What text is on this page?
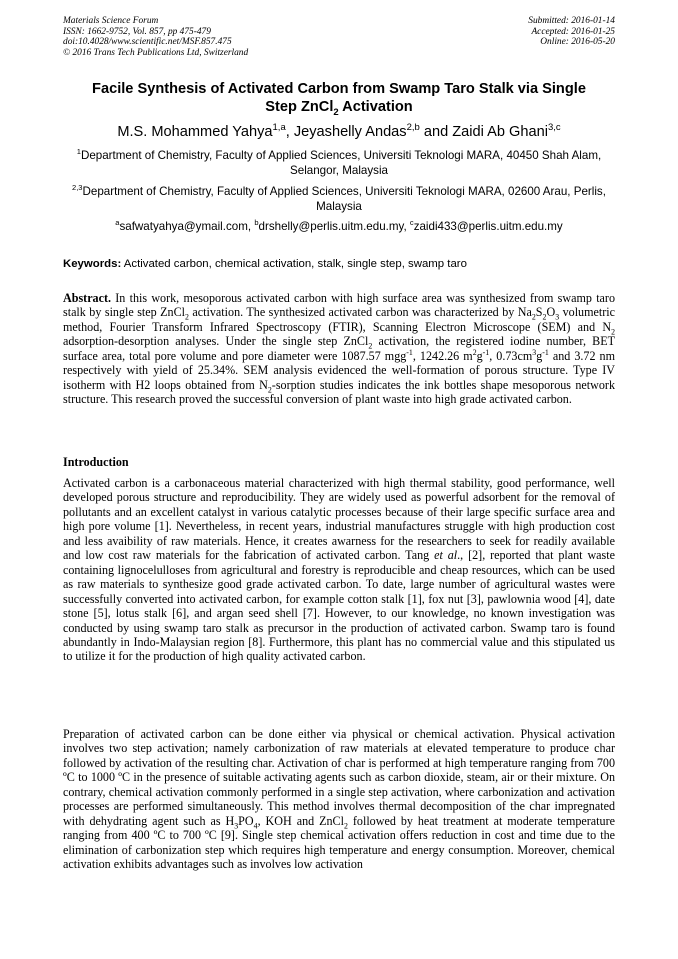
Materials Science Forum
ISSN: 1662-9752, Vol. 857, pp 475-479
doi:10.4028/www.scientific.net/MSF.857.475
© 2016 Trans Tech Publications Ltd, Switzerland
Submitted: 2016-01-14
Accepted: 2016-01-25
Online: 2016-05-20
Facile Synthesis of Activated Carbon from Swamp Taro Stalk via Single
Step ZnCl$_2$ Activation
M.S. Mohammed Yahya$^{1,a}$, Jeyashelly Andas$^{2,b}$ and Zaidi Ab Ghani$^{3,c}$
$^1$Department of Chemistry, Faculty of Applied Sciences, Universiti Teknologi MARA, 40450 Shah Alam, Selangor, Malaysia
$^{2,3}$Department of Chemistry, Faculty of Applied Sciences, Universiti Teknologi MARA, 02600 Arau, Perlis, Malaysia
$^a$safwatyahya@ymail.com, $^b$drshelly@perlis.uitm.edu.my, $^c$zaidi433@perlis.uitm.edu.my
Keywords: Activated carbon, chemical activation, stalk, single step, swamp taro
Abstract. In this work, mesoporous activated carbon with high surface area was synthesized from swamp taro stalk by single step ZnCl$_2$ activation. The synthesized activated carbon was characterized by $Na_2S_2O_3$ volumetric method, Fourier Transform Infrared Spectroscopy (FTIR), Scanning Electron Microscope (SEM) and $N_2$ adsorption-desorption analyses. Under the single step ZnCl$_2$ activation, the registered iodine number, BET surface area, total pore volume and pore diameter were 1087.57 mgg$^{-1}$, 1242.26 $m^2g^{-1}$, $0.73cm^3g^{-1}$ and 3.72 nm respectively with yield of 25.34%. SEM analysis evidenced the well-formation of porous structure. Type IV isotherm with H2 loops obtained from $N_2$-sorption studies indicates the ink bottles shape mesoporous network structure. This research proved the successful conversion of plant waste into high grade activated carbon.
Introduction
Activated carbon is a carbonaceous material characterized with high thermal stability, good performance, well developed porous structure and reproducibility. They are widely used as powerful adsorbent for the removal of pollutants and an excellent catalyst in various catalytic processes because of their large specific surface area and high pore volume [1]. Nevertheless, in recent years, industrial manufactures struggle with high production cost and less avaibility of raw materials. Hence, it creates awarness for the researchers to seek for readily available and low cost raw materials for the fabrication of activated carbon. Tang et al., [2], reported that plant waste containing lignocelulloses from agricultural and forestry is reproducible and cheap resources, which can be used as raw materials to synthesize good grade activated carbon. To date, large number of agricultural wastes were successfully converted into activated carbon, for example cotton stalk [1], fox nut [3], pawlownia wood [4], date stone [5], lotus stalk [6], and argan seed shell [7]. However, to our knowledge, no known investigation was conducted by using swamp taro stalk as precursor in the production of activated carbon. Swamp taro is found abundantly in Indo-Malaysian region [8]. Furthermore, this plant has no commercial value and this stipulated us to utilize it for the production of high quality activated carbon.
Preparation of activated carbon can be done either via physical or chemical activation. Physical activation involves two step activation; namely carbonization of raw materials at elevated temperature to produce char followed by activation of the resulting char. Activation of char is performed at high temperature ranging from 700 ºC to 1000 ºC in the presence of suitable activating agents such as carbon dioxide, steam, air or their mixture. On contrary, chemical activation commonly performed in a single step activation, where carbonization and activation processes are performed simultaneously. This method involves thermal decomposition of the char impregnated with dehydrating agent such as $H_3PO_4$, KOH and ZnCl$_2$ followed by heat treatment at moderate temperature ranging from 400 ºC to 700 ºC [9]. Single step chemical activation offers reduction in cost and time due to the elimination of carbonization step which requires high temperature and energy consumption. Moreover, chemical activation exhibits advantages such as involves low activation
